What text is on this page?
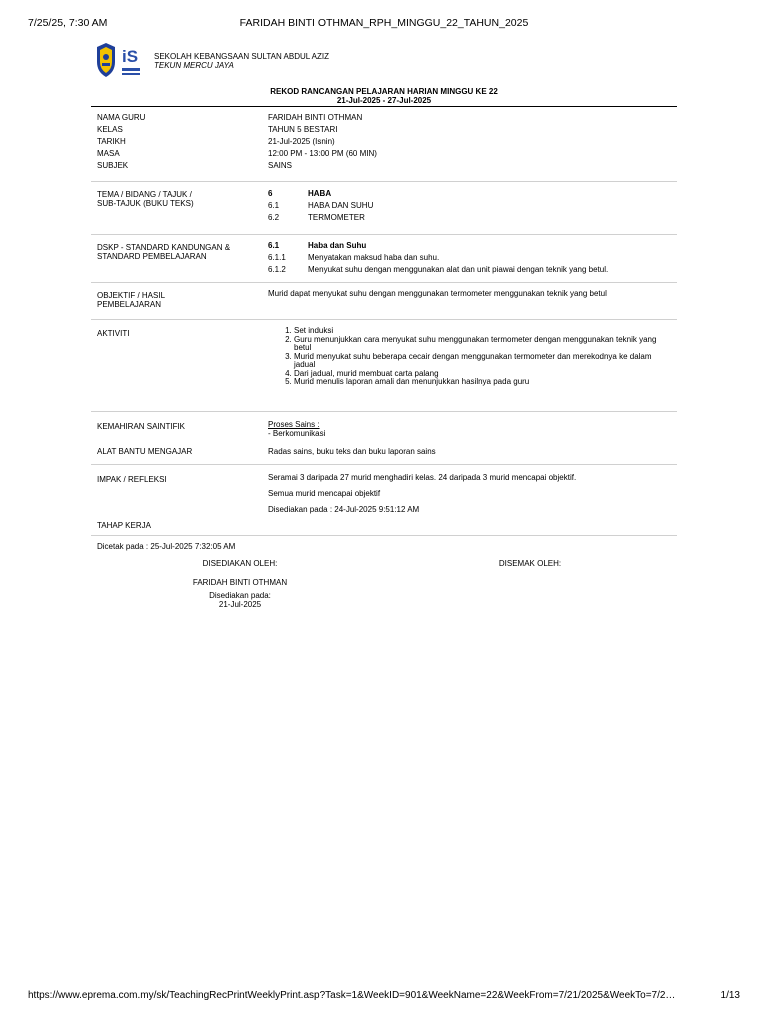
7/25/25, 7:30 AM	FARIDAH BINTI OTHMAN_RPH_MINGGU_22_TAHUN_2025
iS SEKOLAH KEBANGSAAN SULTAN ABDUL AZIZ
TEKUN MERCU JAYA
REKOD RANCANGAN PELAJARAN HARIAN MINGGU KE 22
21-Jul-2025 - 27-Jul-2025
NAMA GURU	FARIDAH BINTI OTHMAN
KELAS	TAHUN 5 BESTARI
TARIKH	21-Jul-2025 (Isnin)
MASA	12:00 PM - 13:00 PM (60 MIN)
SUBJEK	SAINS
TEMA / BIDANG / TAJUK /
SUB-TAJUK (BUKU TEKS)
6	HABA
6.1	HABA DAN SUHU
6.2	TERMOMETER
DSKP - STANDARD KANDUNGAN &
STANDARD PEMBELAJARAN
6.1	Haba dan Suhu
6.1.1	Menyatakan maksud haba dan suhu.
6.1.2	Menyukat suhu dengan menggunakan alat dan unit piawai dengan teknik yang betul.
OBJEKTIF / HASIL
PEMBELAJARAN
Murid dapat menyukat suhu dengan menggunakan termometer menggunakan teknik yang betul
AKTIVITI
1.	Set induksi
2. Guru menunjukkan cara menyukat suhu menggunakan termometer dengan menggunakan teknik yang betul
3. Murid menyukat suhu beberapa cecair dengan menggunakan termometer dan merekodnya ke dalam jadual
4. Dari jadual, murid membuat carta palang
5. Murid menulis laporan amali dan menunjukkan hasilnya pada guru
KEMAHIRAN SAINTIFIK	Proses Sains :
- Berkomunikasi
ALAT BANTU MENGAJAR	Radas sains, buku teks dan buku laporan sains
IMPAK / REFLEKSI	Seramai 3 daripada 27 murid menghadiri kelas. 24 daripada 3 murid mencapai objektif.
Semua murid mencapai objektif
Disediakan pada : 24-Jul-2025 9:51:12 AM
TAHAP KERJA
Dicetak pada : 25-Jul-2025 7:32:05 AM
DISEDIAKAN OLEH:	DISEMAK OLEH:
FARIDAH BINTI OTHMAN
Disediakan pada:
21-Jul-2025
https://www.eprema.com.my/sk/TeachingRecPrintWeeklyPrint.asp?Task=1&WeekID=901&WeekName=22&WeekFrom=7/21/2025&WeekTo=7/2…	1/13
